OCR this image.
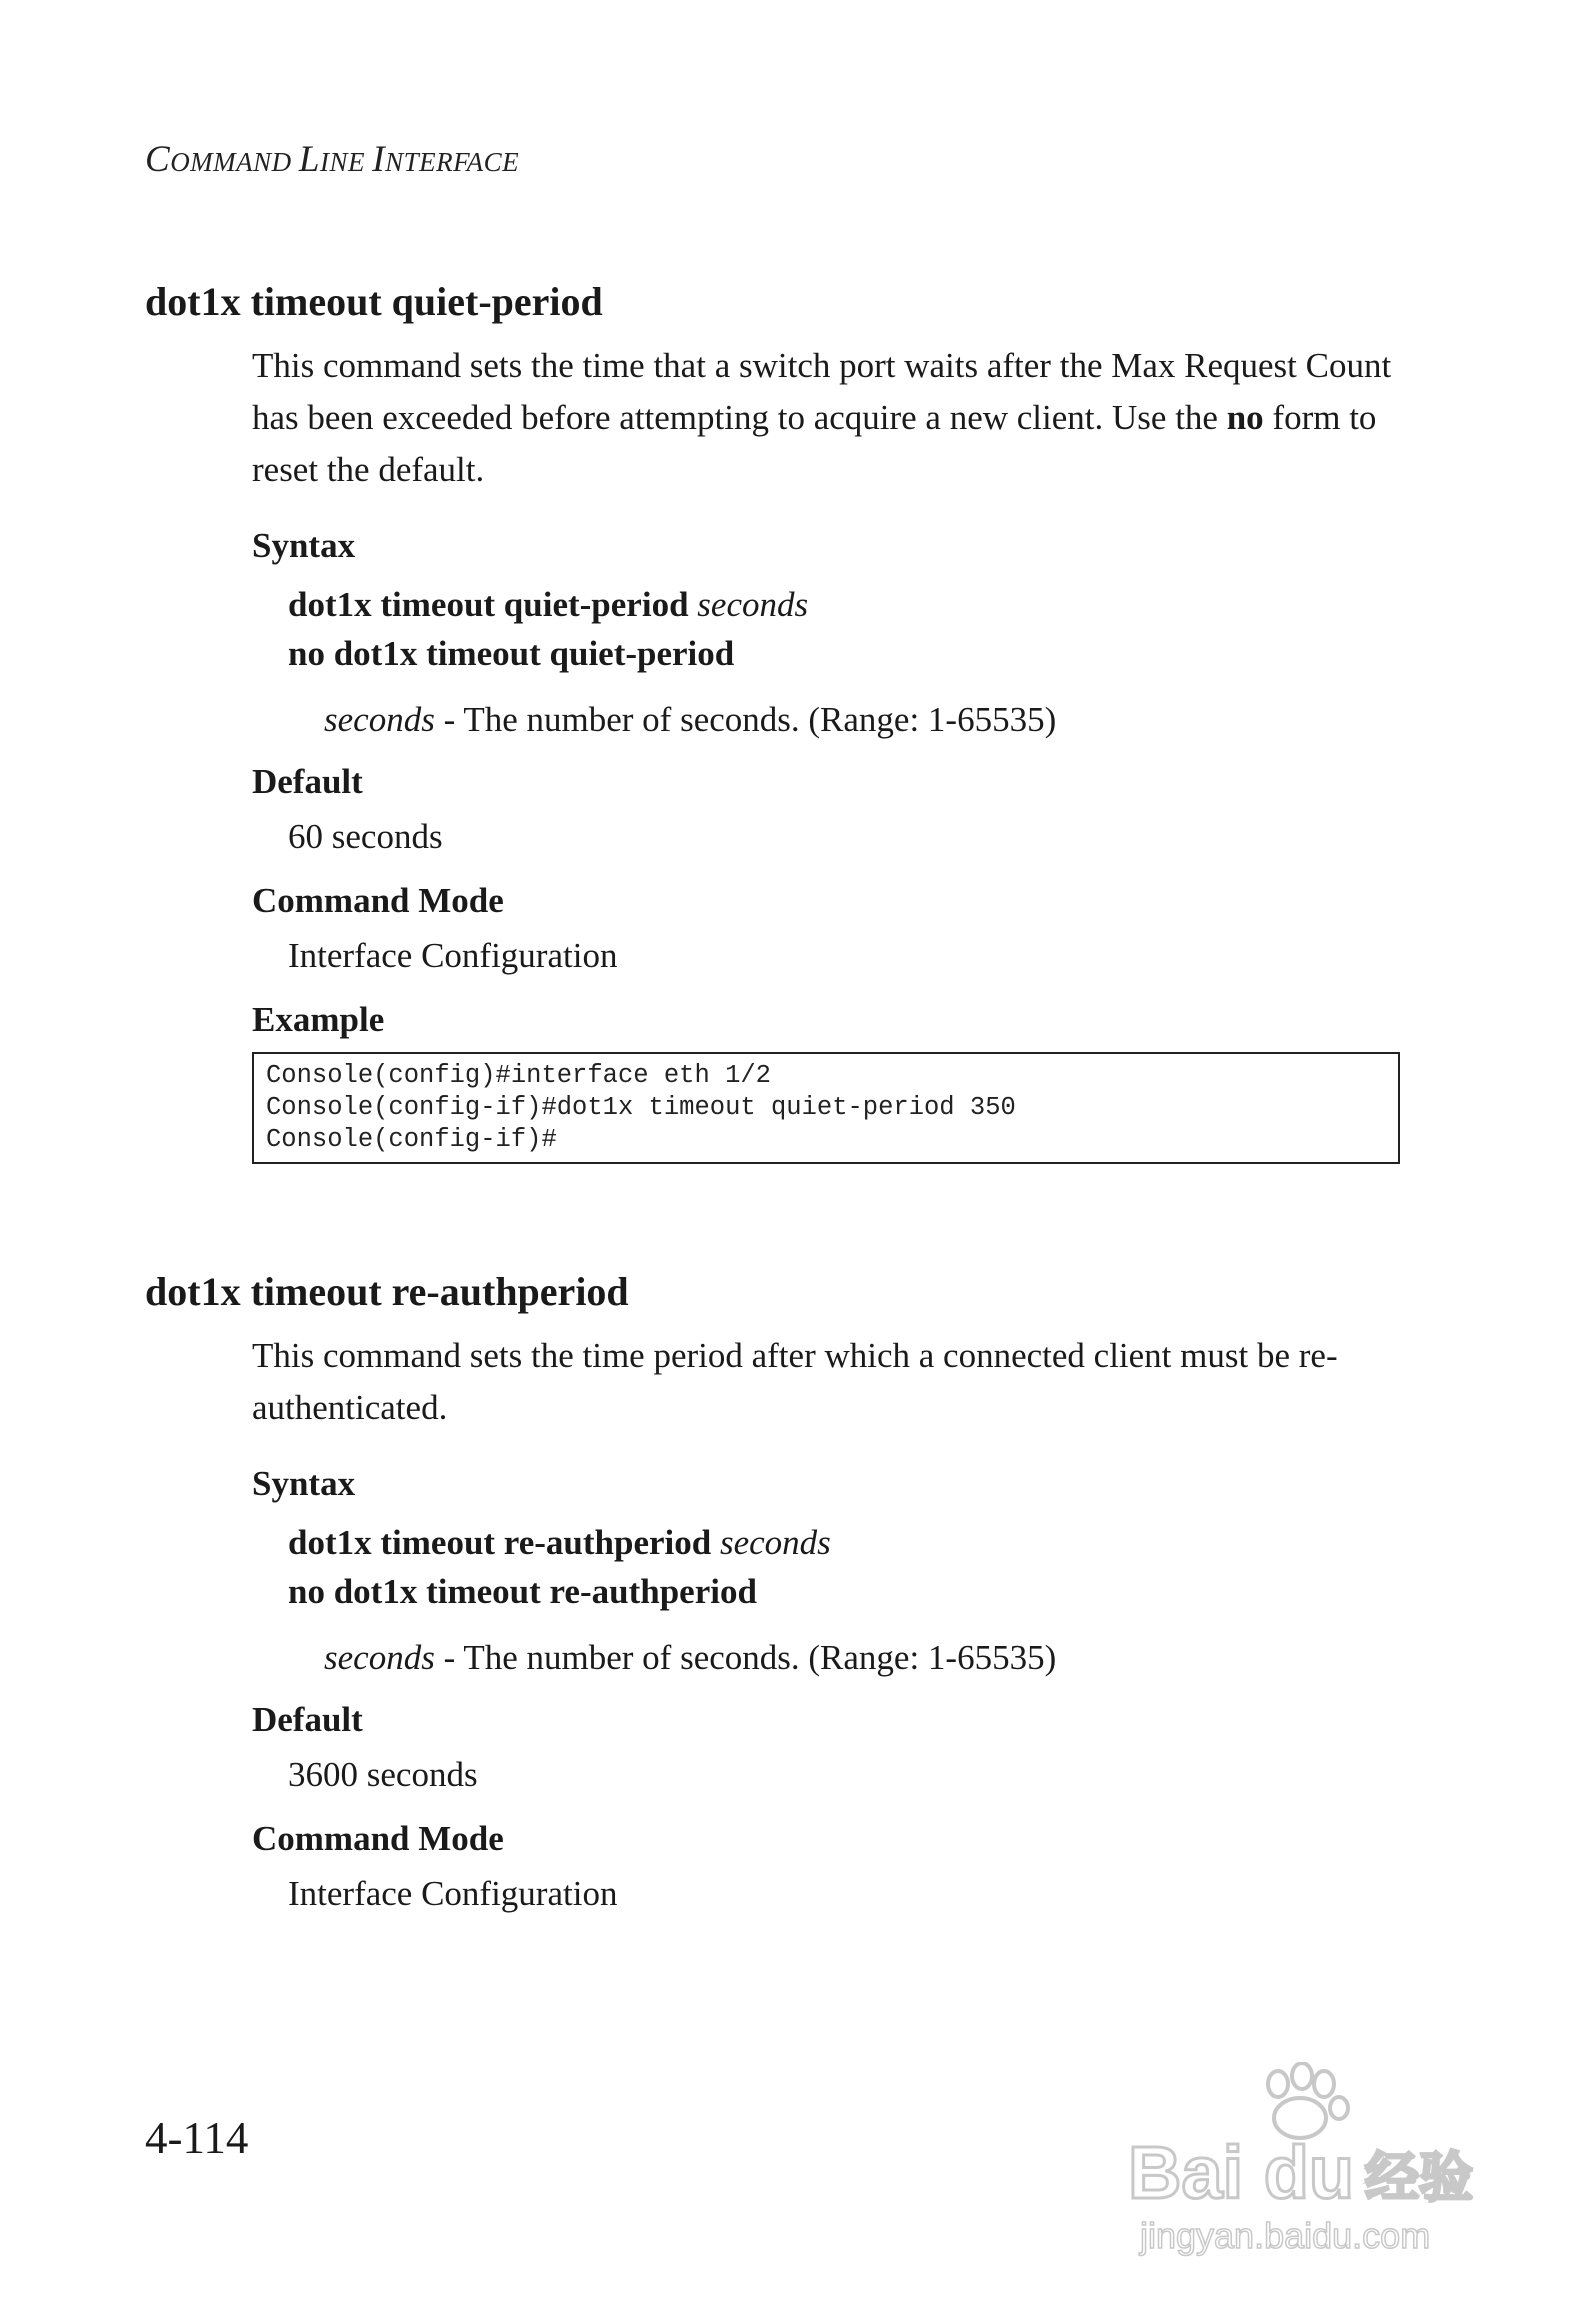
COMMAND LINE INTERFACE
dot1x timeout quiet-period

This command sets the time that a switch port waits after the Max Request Count has been exceeded before attempting to acquire a new client. Use the no form to reset the default.

Syntax
dot1x timeout quiet-period seconds
no dot1x timeout quiet-period
seconds - The number of seconds. (Range: 1-65535)
Default
60 seconds
Command Mode
Interface Configuration
Example
Console(config)#interface eth 1/2
Console(config-if)#dot1x timeout quiet-period 350
Console(config-if)#
dot1x timeout re-authperiod

This command sets the time period after which a connected client must be re-authenticated.

Syntax
dot1x timeout re-authperiod seconds
no dot1x timeout re-authperiod
seconds - The number of seconds. (Range: 1-65535)
Default
3600 seconds
Command Mode
Interface Configuration
4-114	Bai du 经验
jingyan.baidu.com
